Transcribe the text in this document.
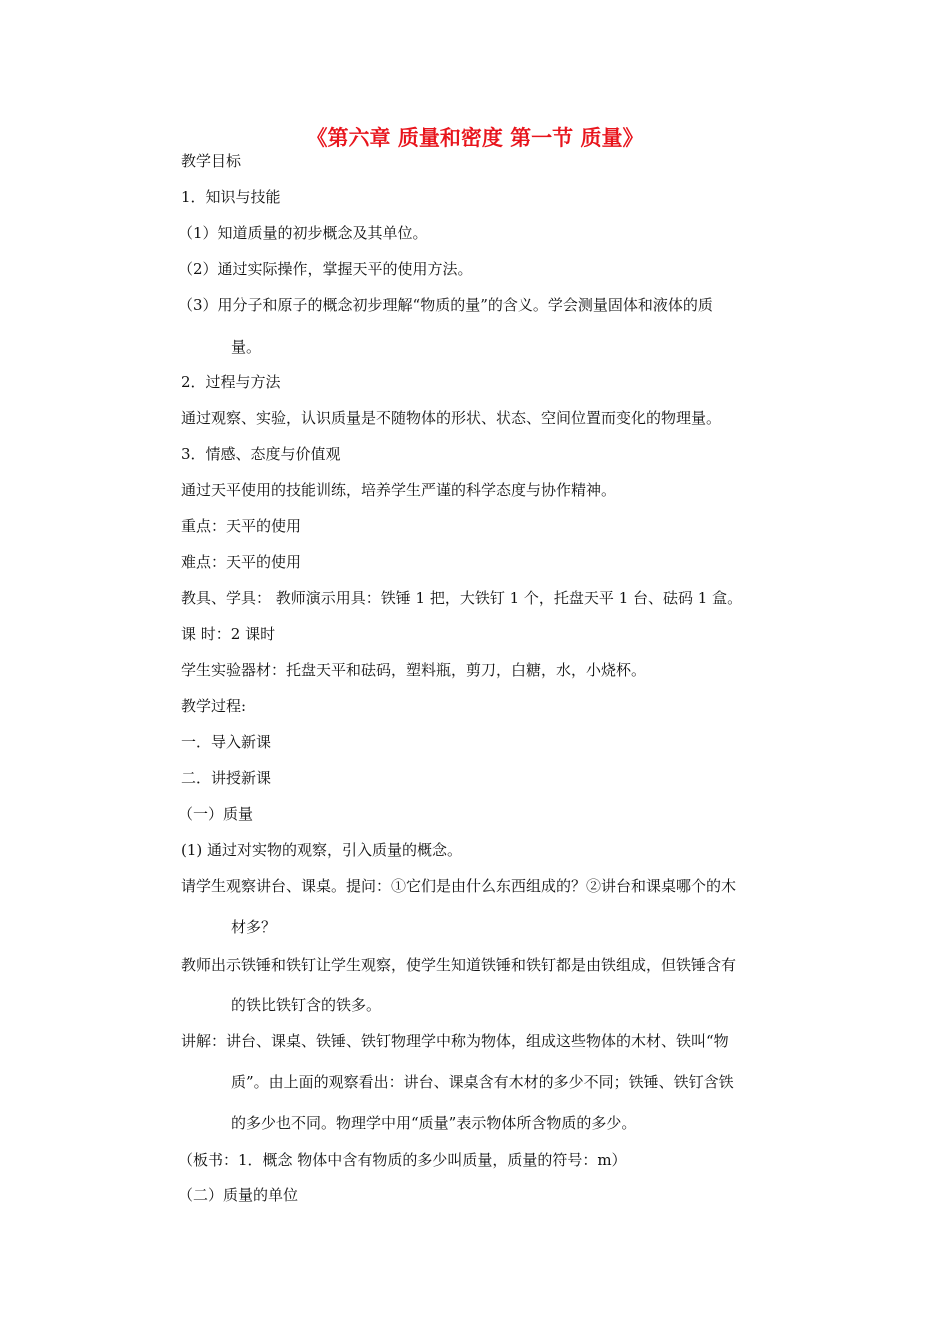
《第六章 质量和密度 第一节 质量》
教学目标
1．知识与技能
（1）知道质量的初步概念及其单位。
（2）通过实际操作，掌握天平的使用方法。
（3）用分子和原子的概念初步理解“物质的量”的含义。学会测量固体和液体的质
量。
2．过程与方法
通过观察、实验，认识质量是不随物体的形状、状态、空间位置而变化的物理量。
3．情感、态度与价值观
通过天平使用的技能训练，培养学生严谨的科学态度与协作精神。
重点：天平的使用
难点：天平的使用
教具、学具： 教师演示用具：铁锤 1 把，大铁钉 1 个，托盘天平 1 台、砝码 1 盒。
课 时：2 课时
学生实验器材：托盘天平和砝码，塑料瓶，剪刀，白糖，水，小烧杯。
教学过程:
一．导入新课
二．讲授新课
（一）质量
(1) 通过对实物的观察，引入质量的概念。
请学生观察讲台、课桌。提问：①它们是由什么东西组成的？②讲台和课桌哪个的木
材多？
教师出示铁锤和铁钉让学生观察，使学生知道铁锤和铁钉都是由铁组成，但铁锤含有
的铁比铁钉含的铁多。
讲解：讲台、课桌、铁锤、铁钉物理学中称为物体，组成这些物体的木材、铁叫“物
质”。由上面的观察看出：讲台、课桌含有木材的多少不同；铁锤、铁钉含铁
的多少也不同。物理学中用“质量”表示物体所含物质的多少。
（板书：1．概念 物体中含有物质的多少叫质量，质量的符号：m）
（二）质量的单位
